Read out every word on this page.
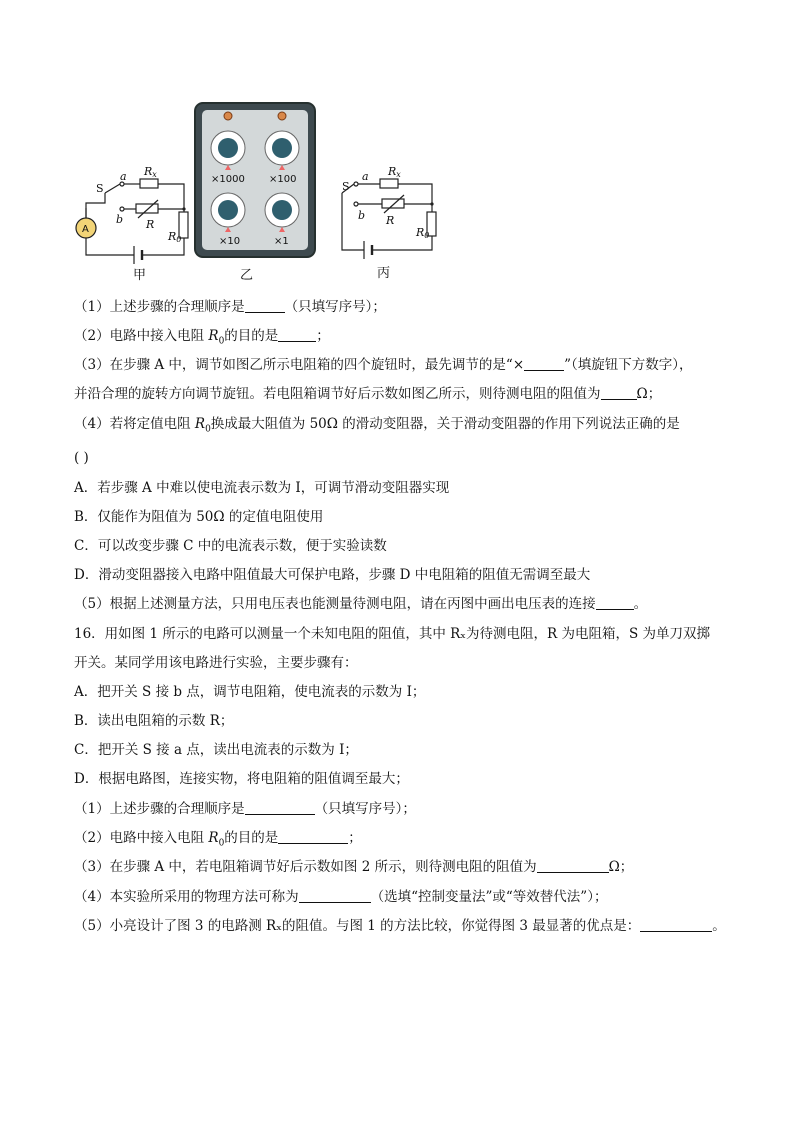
A
S
a
b
Rx
R
R0
×1000 ×100
×10	×1
S
a
b
Rx
R
R0
甲	乙	丙
（1）上述步骤的合理顺序是	（只填写序号）；
（2）电路中接入电阻 $R_0$的目的是	；
（3）在步骤 A 中，调节如图乙所示电阻箱的四个旋钮时，最先调节的是“×	”（填旋钮下方数字），
并沿合理的旋转方向调节旋钮。若电阻箱调节好后示数如图乙所示，则待测电阻的阻值为	Ω；
（4）若将定值电阻 $R_0$换成最大阻值为 50Ω 的滑动变阻器，关于滑动变阻器的作用下列说法正确的是
( )
A．若步骤 A 中难以使电流表示数为 I，可调节滑动变阻器实现
B．仅能作为阻值为 50Ω 的定值电阻使用
C．可以改变步骤 C 中的电流表示数，便于实验读数
D．滑动变阻器接入电路中阻值最大可保护电路，步骤 D 中电阻箱的阻值无需调至最大
（5）根据上述测量方法，只用电压表也能测量待测电阻，请在丙图中画出电压表的连接	。
16．用如图 1 所示的电路可以测量一个未知电阻的阻值，其中 Rₓ为待测电阻，R 为电阻箱，S 为单刀双掷
开关。某同学用该电路进行实验，主要步骤有：
A．把开关 S 接 b 点，调节电阻箱，使电流表的示数为 I；
B．读出电阻箱的示数 R；
C．把开关 S 接 a 点，读出电流表的示数为 I；
D．根据电路图，连接实物，将电阻箱的阻值调至最大；
（1）上述步骤的合理顺序是	（只填写序号）；
（2）电路中接入电阻 $R_0$的目的是	；
（3）在步骤 A 中，若电阻箱调节好后示数如图 2 所示，则待测电阻的阻值为	Ω；
（4）本实验所采用的物理方法可称为	（选填“控制变量法”或“等效替代法”）；
（5）小亮设计了图 3 的电路测 Rₓ的阻值。与图 1 的方法比较，你觉得图 3 最显著的优点是：	。
